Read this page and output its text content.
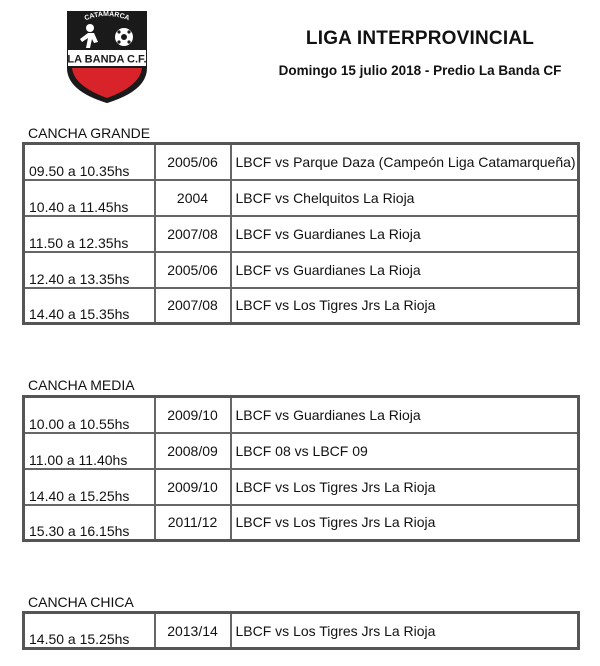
CATAMARCA
LA BANDA C.F.
LIGA INTERPROVINCIAL
Domingo 15 julio 2018 - Predio La Banda CF
CANCHA GRANDE
09.50 a 10.35hs	2005/06	LBCF vs Parque Daza (Campeón Liga Catamarqueña)
10.40 a 11.45hs	2004	LBCF vs Chelquitos La Rioja
11.50 a 12.35hs	2007/08	LBCF vs Guardianes La Rioja
12.40 a 13.35hs	2005/06	LBCF vs Guardianes La Rioja
14.40 a 15.35hs	2007/08	LBCF vs Los Tigres Jrs La Rioja
CANCHA MEDIA
10.00 a 10.55hs	2009/10	LBCF vs Guardianes La Rioja
11.00 a 11.40hs	2008/09	LBCF 08 vs LBCF 09
14.40 a 15.25hs	2009/10	LBCF vs Los Tigres Jrs La Rioja
15.30 a 16.15hs	2011/12	LBCF vs Los Tigres Jrs La Rioja
CANCHA CHICA
14.50 a 15.25hs	2013/14	LBCF vs Los Tigres Jrs La Rioja
